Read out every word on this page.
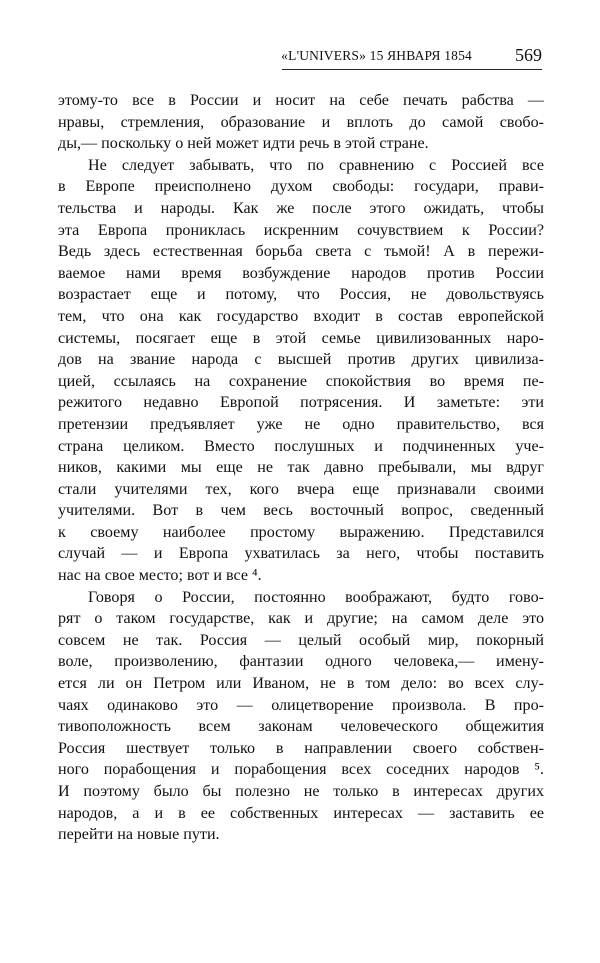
«L'UNIVERS» 15 ЯНВАРЯ 1854 569
этому-то все в России и носит на себе печать рабства —
нравы, стремления, образование и вплоть до самой свобо-
ды,— поскольку о ней может идти речь в этой стране.
Не следует забывать, что по сравнению с Россией все
в Европе преисполнено духом свободы: государи, прави-
тельства и народы. Как же после этого ожидать, чтобы
эта Европа прониклась искренним сочувствием к России?
Ведь здесь естественная борьба света с тьмой! А в пережи-
ваемое нами время возбуждение народов против России
возрастает еще и потому, что Россия, не довольствуясь
тем, что она как государство входит в состав европейской
системы, посягает еще в этой семье цивилизованных наро-
дов на звание народа с высшей против других цивилиза-
цией, ссылаясь на сохранение спокойствия во время пе-
режитого недавно Европой потрясения. И заметьте: эти
претензии предъявляет уже не одно правительство, вся
страна целиком. Вместо послушных и подчиненных уче-
ников, какими мы еще не так давно пребывали, мы вдруг
стали учителями тех, кого вчера еще признавали своими
учителями. Вот в чем весь восточный вопрос, сведенный
к своему наиболее простому выражению. Представился
случай — и Европа ухватилась за него, чтобы поставить
нас на свое место; вот и все ⁴.
Говоря о России, постоянно воображают, будто гово-
рят о таком государстве, как и другие; на самом деле это
совсем не так. Россия — целый особый мир, покорный
воле, произволению, фантазии одного человека,— имену-
ется ли он Петром или Иваном, не в том дело: во всех слу-
чаях одинаково это — олицетворение произвола. В про-
тивоположность всем законам человеческого общежития
Россия шествует только в направлении своего собствен-
ного порабощения и порабощения всех соседних народов ⁵.
И поэтому было бы полезно не только в интересах других
народов, а и в ее собственных интересах — заставить ее
перейти на новые пути.
